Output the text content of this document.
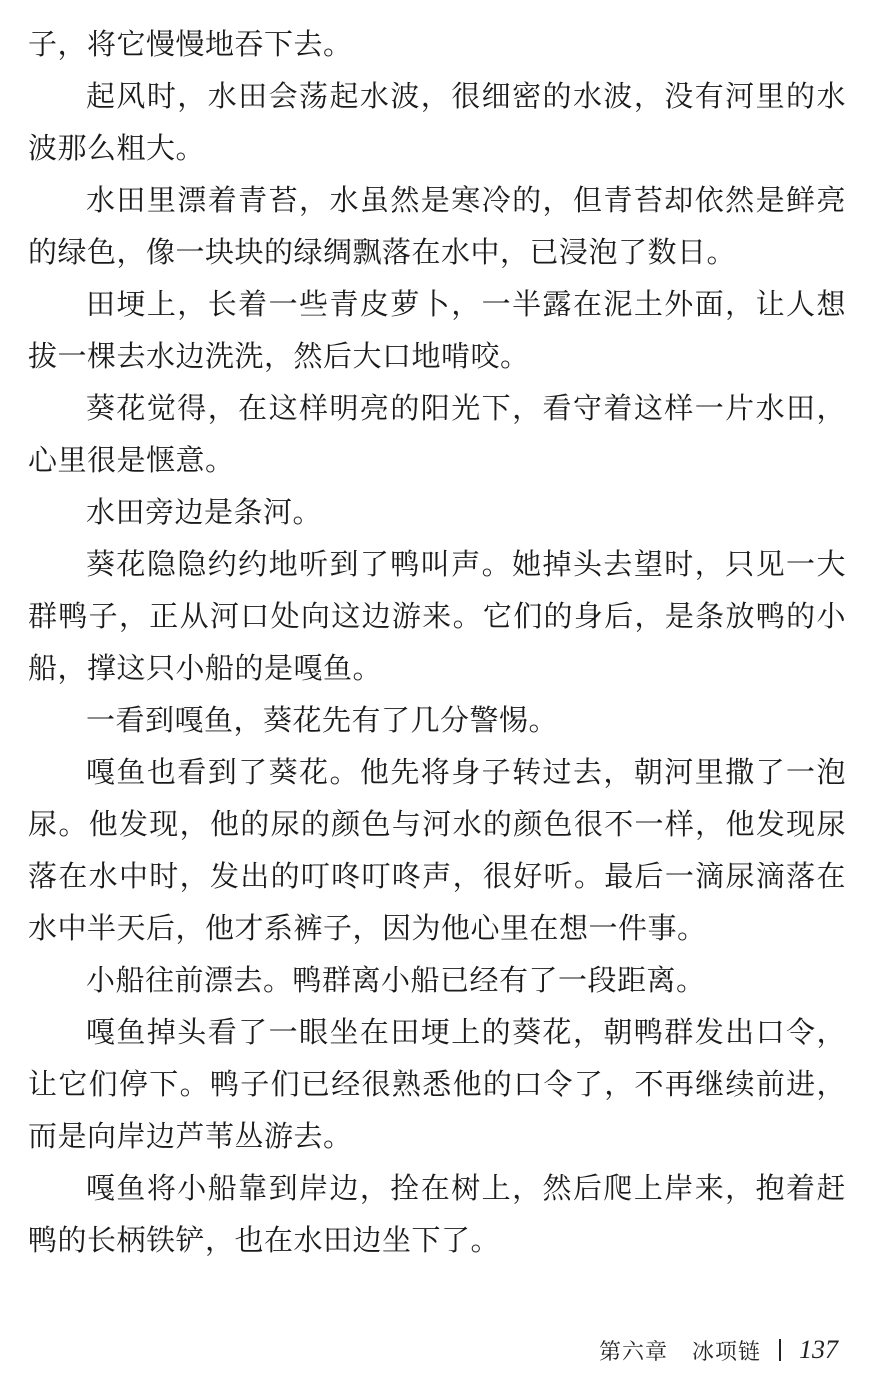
子，将它慢慢地吞下去。

起风时，水田会荡起水波，很细密的水波，没有河里的水波那么粗大。

水田里漂着青苔，水虽然是寒冷的，但青苔却依然是鲜亮的绿色，像一块块的绿绸飘落在水中，已浸泡了数日。

田埂上，长着一些青皮萝卜，一半露在泥土外面，让人想拔一棵去水边洗洗，然后大口地啃咬。

葵花觉得，在这样明亮的阳光下，看守着这样一片水田，心里很是惬意。

水田旁边是条河。

葵花隐隐约约地听到了鸭叫声。她掉头去望时，只见一大群鸭子，正从河口处向这边游来。它们的身后，是条放鸭的小船，撑这只小船的是嘎鱼。

一看到嘎鱼，葵花先有了几分警惕。

嘎鱼也看到了葵花。他先将身子转过去，朝河里撒了一泡尿。他发现，他的尿的颜色与河水的颜色很不一样，他发现尿落在水中时，发出的叮咚叮咚声，很好听。最后一滴尿滴落在水中半天后，他才系裤子，因为他心里在想一件事。

小船往前漂去。鸭群离小船已经有了一段距离。

嘎鱼掉头看了一眼坐在田埂上的葵花，朝鸭群发出口令，让它们停下。鸭子们已经很熟悉他的口令了，不再继续前进，而是向岸边芦苇丛游去。

嘎鱼将小船靠到岸边，拴在树上，然后爬上岸来，抱着赶鸭的长柄铁铲，也在水田边坐下了。

第六章 冰项链 137
